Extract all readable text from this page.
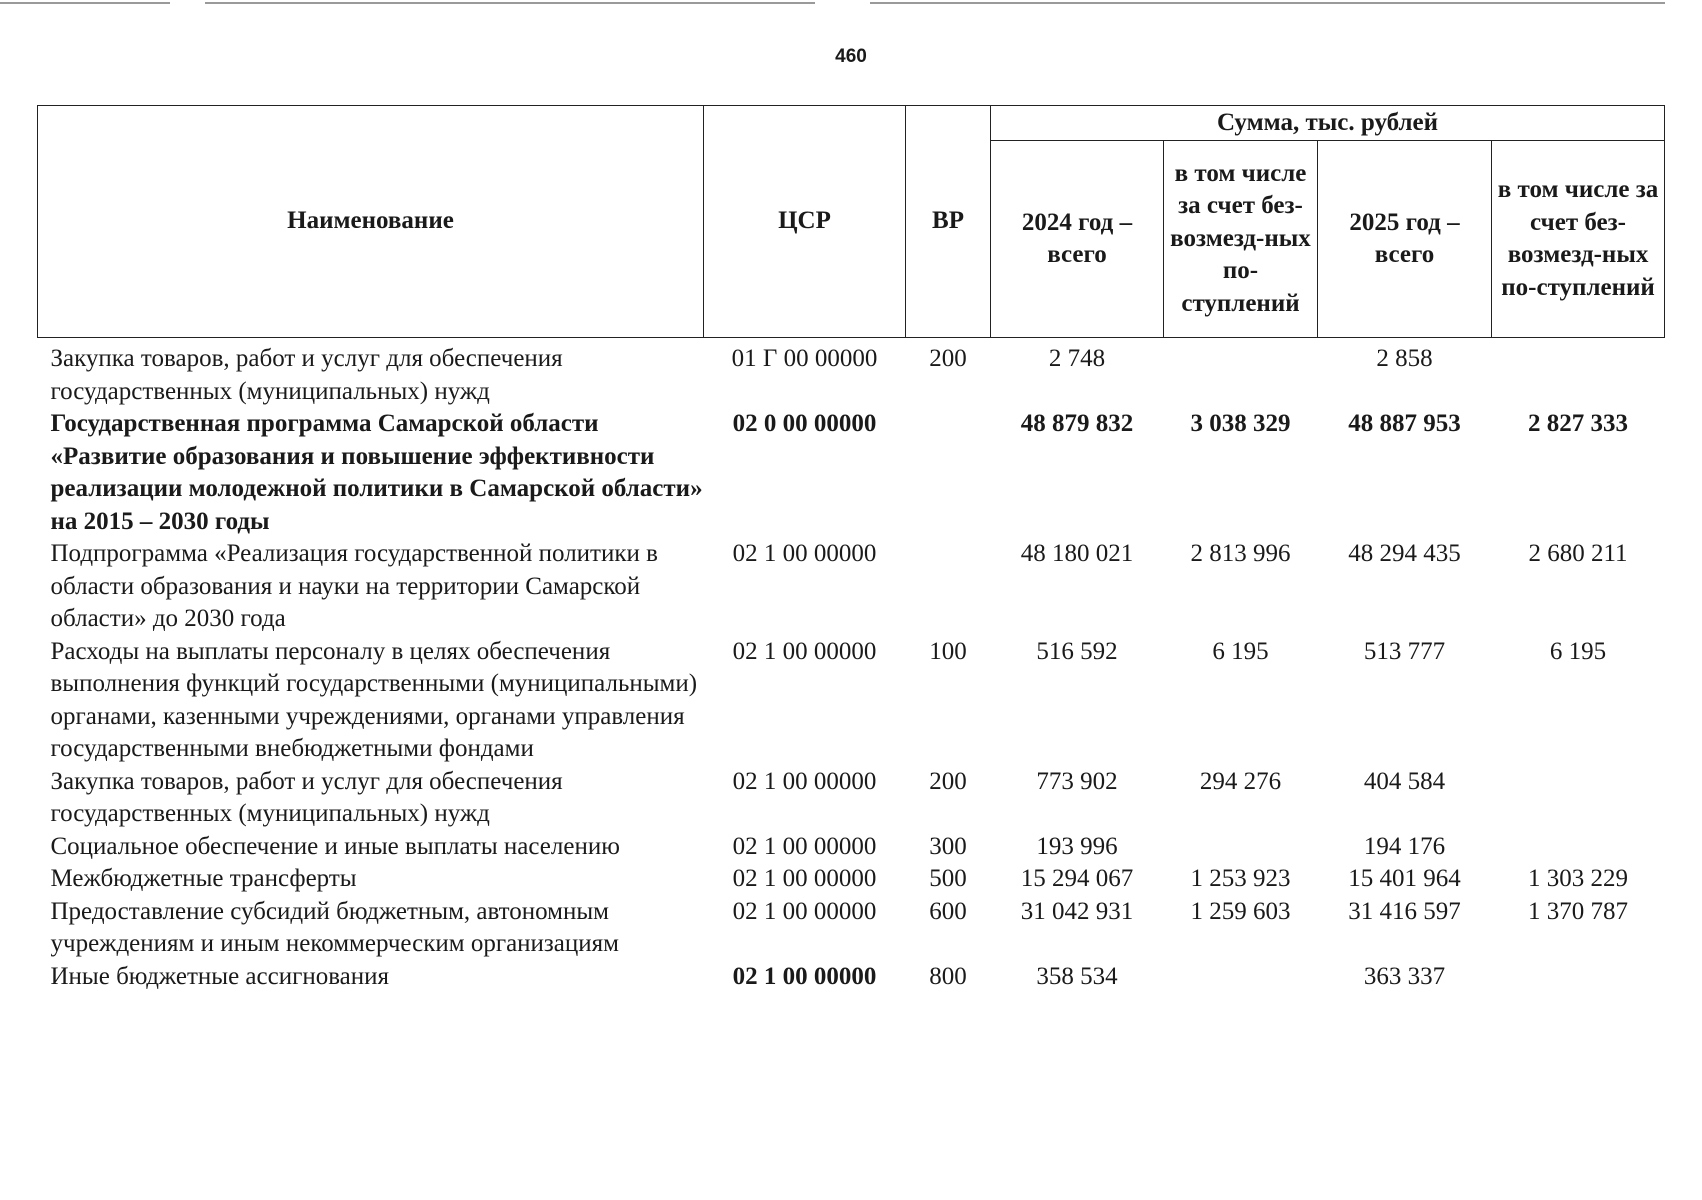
460
Наименование	ЦСР	ВР	Сумма, тыс. рублей			
			2024 год – всего	в том числе за счет без-возмезд-ных по-ступлений	2025 год – всего	в том числе за счет без-возмезд-ных по-ступлений
Закупка товаров, работ и услуг для обеспечения государственных (муниципальных) нужд	01 Г 00 00000	200	2 748		2 858	
Государственная программа Самарской области «Развитие образования и повышение эффективности реализации молодежной политики в Самарской области» на 2015 – 2030 годы	02 0 00 00000		48 879 832	3 038 329	48 887 953	2 827 333
Подпрограмма «Реализация государственной политики в области образования и науки на территории Самарской области» до 2030 года	02 1 00 00000		48 180 021	2 813 996	48 294 435	2 680 211
Расходы на выплаты персоналу в целях обеспечения выполнения функций государственными (муниципальными) органами, казенными учреждениями, органами управления государственными внебюджетными фондами	02 1 00 00000	100	516 592	6 195	513 777	6 195
Закупка товаров, работ и услуг для обеспечения государственных (муниципальных) нужд	02 1 00 00000	200	773 902	294 276	404 584	
Социальное обеспечение и иные выплаты населению	02 1 00 00000	300	193 996		194 176	
Межбюджетные трансферты	02 1 00 00000	500	15 294 067	1 253 923	15 401 964	1 303 229
Предоставление субсидий бюджетным, автономным учреждениям и иным некоммерческим организациям	02 1 00 00000	600	31 042 931	1 259 603	31 416 597	1 370 787
Иные бюджетные ассигнования	02 1 00 00000	800	358 534		363 337	
